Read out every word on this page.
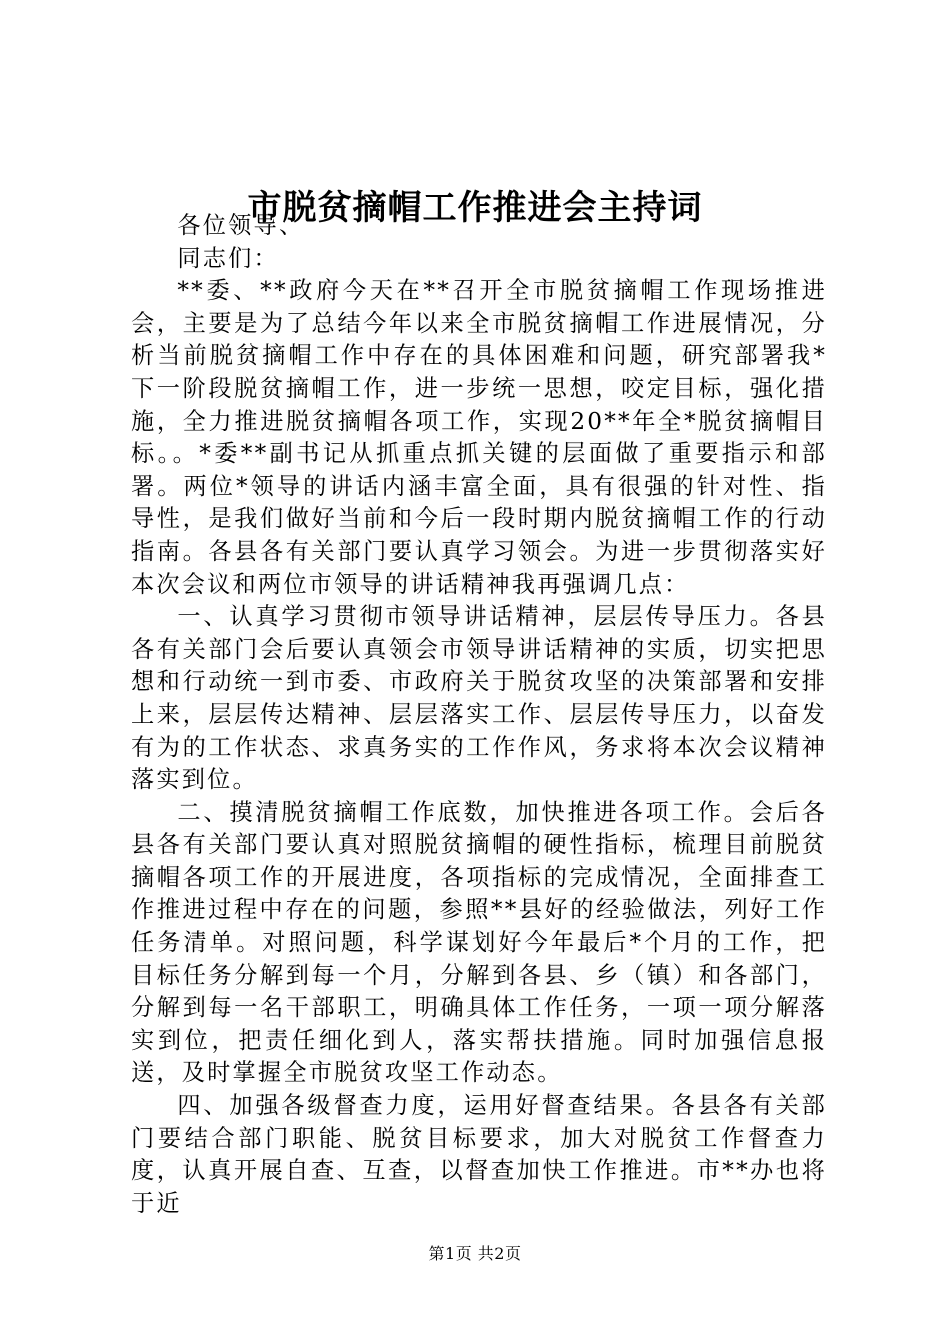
市脱贫摘帽工作推进会主持词

各位领导、

同志们：

**委、**政府今天在**召开全市脱贫摘帽工作现场推进会，主要是为了总结今年以来全市脱贫摘帽工作进展情况，分析当前脱贫摘帽工作中存在的具体困难和问题，研究部署我*下一阶段脱贫摘帽工作，进一步统一思想，咬定目标，强化措施，全力推进脱贫摘帽各项工作，实现20**年全*脱贫摘帽目标。。*委**副书记从抓重点抓关键的层面做了重要指示和部署。两位*领导的讲话内涵丰富全面，具有很强的针对性、指导性，是我们做好当前和今后一段时期内脱贫摘帽工作的行动指南。各县各有关部门要认真学习领会。为进一步贯彻落实好本次会议和两位市领导的讲话精神我再强调几点：

一、认真学习贯彻市领导讲话精神，层层传导压力。各县各有关部门会后要认真领会市领导讲话精神的实质，切实把思想和行动统一到市委、市政府关于脱贫攻坚的决策部署和安排上来，层层传达精神、层层落实工作、层层传导压力，以奋发有为的工作状态、求真务实的工作作风，务求将本次会议精神落实到位。

二、摸清脱贫摘帽工作底数，加快推进各项工作。会后各县各有关部门要认真对照脱贫摘帽的硬性指标，梳理目前脱贫摘帽各项工作的开展进度，各项指标的完成情况，全面排查工作推进过程中存在的问题，参照**县好的经验做法，列好工作任务清单。对照问题，科学谋划好今年最后*个月的工作，把目标任务分解到每一个月，分解到各县、乡（镇）和各部门，分解到每一名干部职工，明确具体工作任务，一项一项分解落实到位，把责任细化到人，落实帮扶措施。同时加强信息报送，及时掌握全市脱贫攻坚工作动态。

四、加强各级督查力度，运用好督查结果。各县各有关部门要结合部门职能、脱贫目标要求，加大对脱贫工作督查力度，认真开展自查、互查，以督查加快工作推进。市**办也将于近

第1页 共2页
